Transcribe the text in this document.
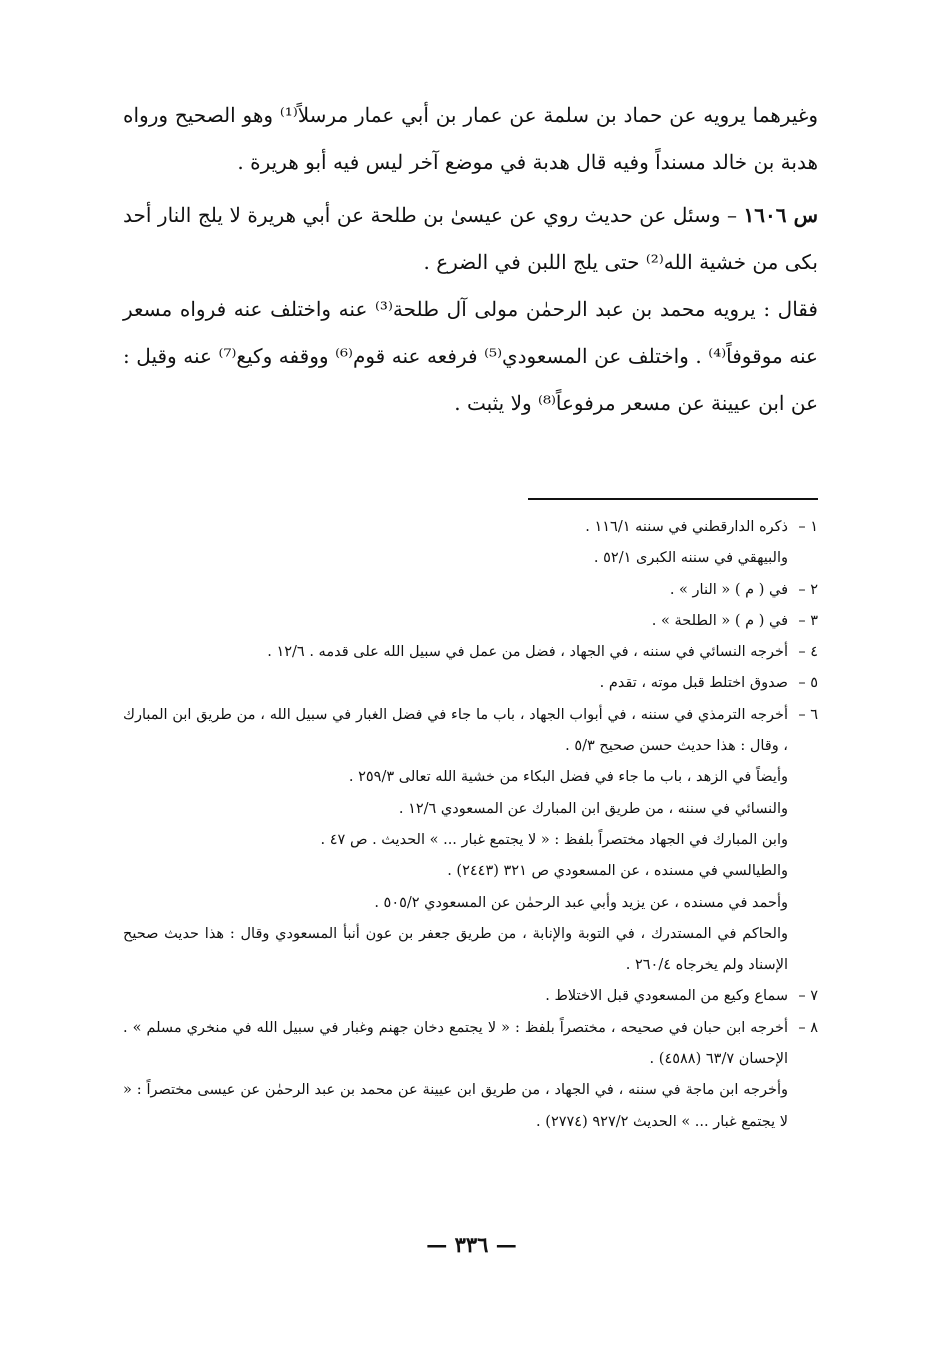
وغيرهما يرويه عن حماد بن سلمة عن عمار بن أبي عمار مرسلاً⁽¹⁾ وهو الصحيح ورواه هدبة بن خالد مسنداً وفيه قال هدبة في موضع آخر ليس فيه أبو هريرة .

س ١٦٠٦ – وسئل عن حديث روي عن عيسىٰ بن طلحة عن أبي هريرة لا يلج النار أحد بكى من خشية الله⁽²⁾ حتى يلج اللبن في الضرع .

فقال : يرويه محمد بن عبد الرحمٰن مولى آل طلحة⁽³⁾ عنه واختلف عنه فرواه مسعر عنه موقوفاً⁽⁴⁾ . واختلف عن المسعودي⁽⁵⁾ فرفعه عنه قوم⁽⁶⁾ ووقفه وكيع⁽⁷⁾ عنه وقيل : عن ابن عيينة عن مسعر مرفوعاً⁽⁸⁾ ولا يثبت .

١ –
ذكره الدارقطني في سننه ١١٦/١ .
والبيهقي في سننه الكبرى ٥٢/١ .
٢ –
في ( م ) « النار » .
٣ –
في ( م ) « الطلحة » .
٤ –
أخرجه النسائي في سننه ، في الجهاد ، فضل من عمل في سبيل الله على قدمه . ١٢/٦ .
٥ –
صدوق اختلط قبل موته ، تقدم .
٦ –
أخرجه الترمذي في سننه ، في أبواب الجهاد ، باب ما جاء في فضل الغبار في سبيل الله ، من طريق ابن المبارك ، وقال : هذا حديث حسن صحيح ٥/٣ .
وأيضاً في الزهد ، باب ما جاء في فضل البكاء من خشية الله تعالى ٢٥٩/٣ .
والنسائي في سننه ، من طريق ابن المبارك عن المسعودي ١٢/٦ .
وابن المبارك في الجهاد مختصراً بلفظ : « لا يجتمع غبار ... » الحديث . ص ٤٧ .
والطيالسي في مسنده ، عن المسعودي ص ٣٢١ (٢٤٤٣) .
وأحمد في مسنده ، عن يزيد وأبي عبد الرحمٰن عن المسعودي ٥٠٥/٢ .
والحاكم في المستدرك ، في التوبة والإنابة ، من طريق جعفر بن عون أنبأ المسعودي وقال : هذا حديث صحيح الإسناد ولم يخرجاه ٢٦٠/٤ .
٧ –
سماع وكيع من المسعودي قبل الاختلاط .
٨ –
أخرجه ابن حبان في صحيحه ، مختصراً بلفظ : « لا يجتمع دخان جهنم وغبار في سبيل الله في منخري مسلم » . الإحسان ٦٣/٧ (٤٥٨٨) .
وأخرجه ابن ماجة في سننه ، في الجهاد ، من طريق ابن عيينة عن محمد بن عبد الرحمٰن عن عيسى مختصراً : « لا يجتمع غبار ... » الحديث ٩٢٧/٢ (٢٧٧٤) .
— ٣٣٦ —
